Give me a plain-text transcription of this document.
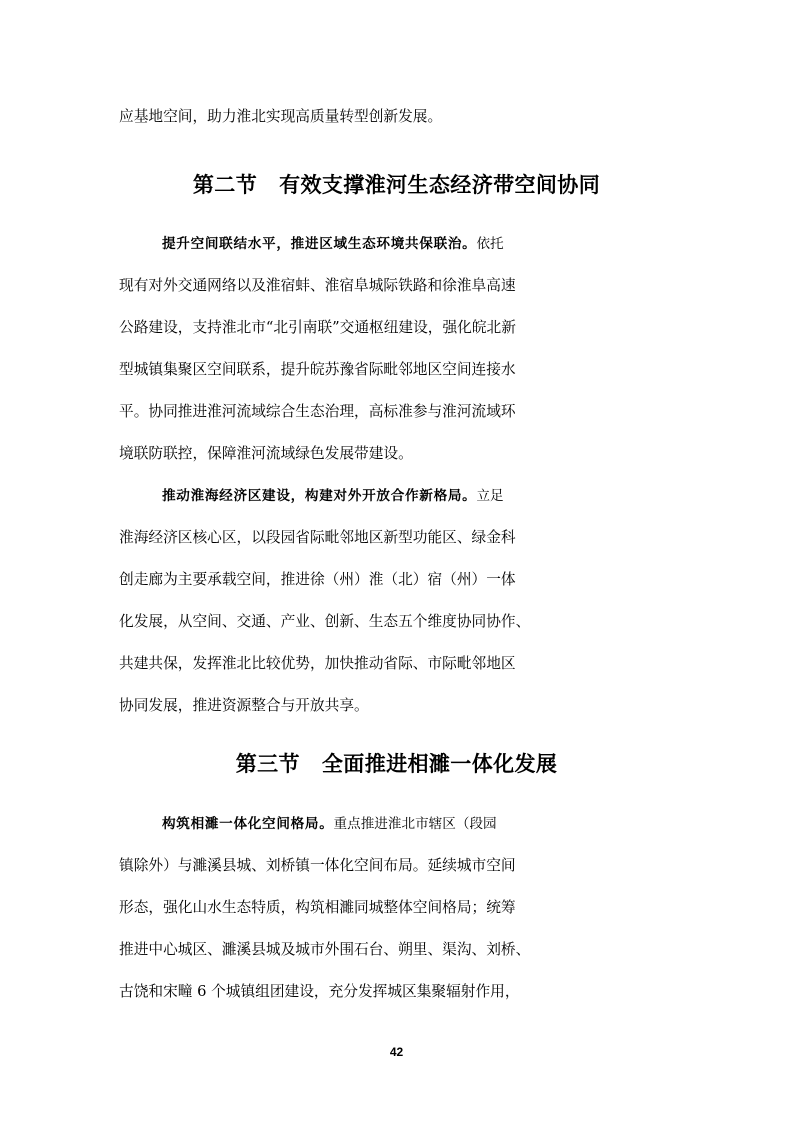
应基地空间，助力淮北实现高质量转型创新发展。
第二节 有效支撑淮河生态经济带空间协同
提升空间联结水平，推进区域生态环境共保联治。依托
现有对外交通网络以及淮宿蚌、淮宿阜城际铁路和徐淮阜高速
公路建设，支持淮北市“北引南联”交通枢纽建设，强化皖北新
型城镇集聚区空间联系，提升皖苏豫省际毗邻地区空间连接水
平。协同推进淮河流域综合生态治理，高标准参与淮河流域环
境联防联控，保障淮河流域绿色发展带建设。
推动淮海经济区建设，构建对外开放合作新格局。立足
淮海经济区核心区，以段园省际毗邻地区新型功能区、绿金科
创走廊为主要承载空间，推进徐（州）淮（北）宿（州）一体
化发展，从空间、交通、产业、创新、生态五个维度协同协作、
共建共保，发挥淮北比较优势，加快推动省际、市际毗邻地区
协同发展，推进资源整合与开放共享。
第三节 全面推进相濉一体化发展
构筑相濉一体化空间格局。重点推进淮北市辖区（段园
镇除外）与濉溪县城、刘桥镇一体化空间布局。延续城市空间
形态，强化山水生态特质，构筑相濉同城整体空间格局；统筹
推进中心城区、濉溪县城及城市外围石台、朔里、渠沟、刘桥、
古饶和宋疃 6 个城镇组团建设，充分发挥城区集聚辐射作用，
42
